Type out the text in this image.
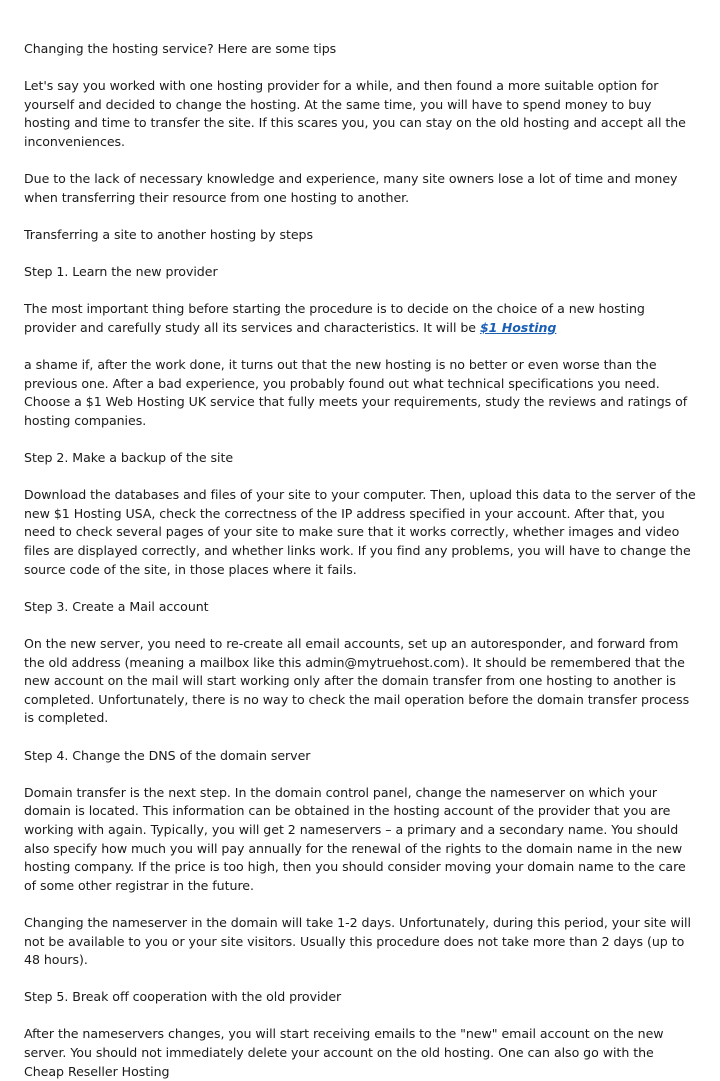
Changing the hosting service? Here are some tips

Let's say you worked with one hosting provider for a while, and then found a more suitable option for yourself and decided to change the hosting. At the same time, you will have to spend money to buy hosting and time to transfer the site. If this scares you, you can stay on the old hosting and accept all the inconveniences.

Due to the lack of necessary knowledge and experience, many site owners lose a lot of time and money when transferring their resource from one hosting to another.

Transferring a site to another hosting by steps

Step 1. Learn the new provider

The most important thing before starting the procedure is to decide on the choice of a new hosting provider and carefully study all its services and characteristics. It will be $1 Hosting

a shame if, after the work done, it turns out that the new hosting is no better or even worse than the previous one. After a bad experience, you probably found out what technical specifications you need. Choose a $1 Web Hosting UK service that fully meets your requirements, study the reviews and ratings of hosting companies.

Step 2. Make a backup of the site

Download the databases and files of your site to your computer. Then, upload this data to the server of the new $1 Hosting USA, check the correctness of the IP address specified in your account. After that, you need to check several pages of your site to make sure that it works correctly, whether images and video files are displayed correctly, and whether links work. If you find any problems, you will have to change the source code of the site, in those places where it fails.

Step 3. Create a Mail account

On the new server, you need to re-create all email accounts, set up an autoresponder, and forward from the old address (meaning a mailbox like this admin@mytruehost.com). It should be remembered that the new account on the mail will start working only after the domain transfer from one hosting to another is completed. Unfortunately, there is no way to check the mail operation before the domain transfer process is completed.

Step 4. Change the DNS of the domain server

Domain transfer is the next step. In the domain control panel, change the nameserver on which your domain is located. This information can be obtained in the hosting account of the provider that you are working with again. Typically, you will get 2 nameservers – a primary and a secondary name. You should also specify how much you will pay annually for the renewal of the rights to the domain name in the new hosting company. If the price is too high, then you should consider moving your domain name to the care of some other registrar in the future.

Changing the nameserver in the domain will take 1-2 days. Unfortunately, during this period, your site will not be available to you or your site visitors. Usually this procedure does not take more than 2 days (up to 48 hours).

Step 5. Break off cooperation with the old provider

After the nameservers changes, you will start receiving emails to the "new" email account on the new server. You should not immediately delete your account on the old hosting. One can also go with the Cheap Reseller Hosting
